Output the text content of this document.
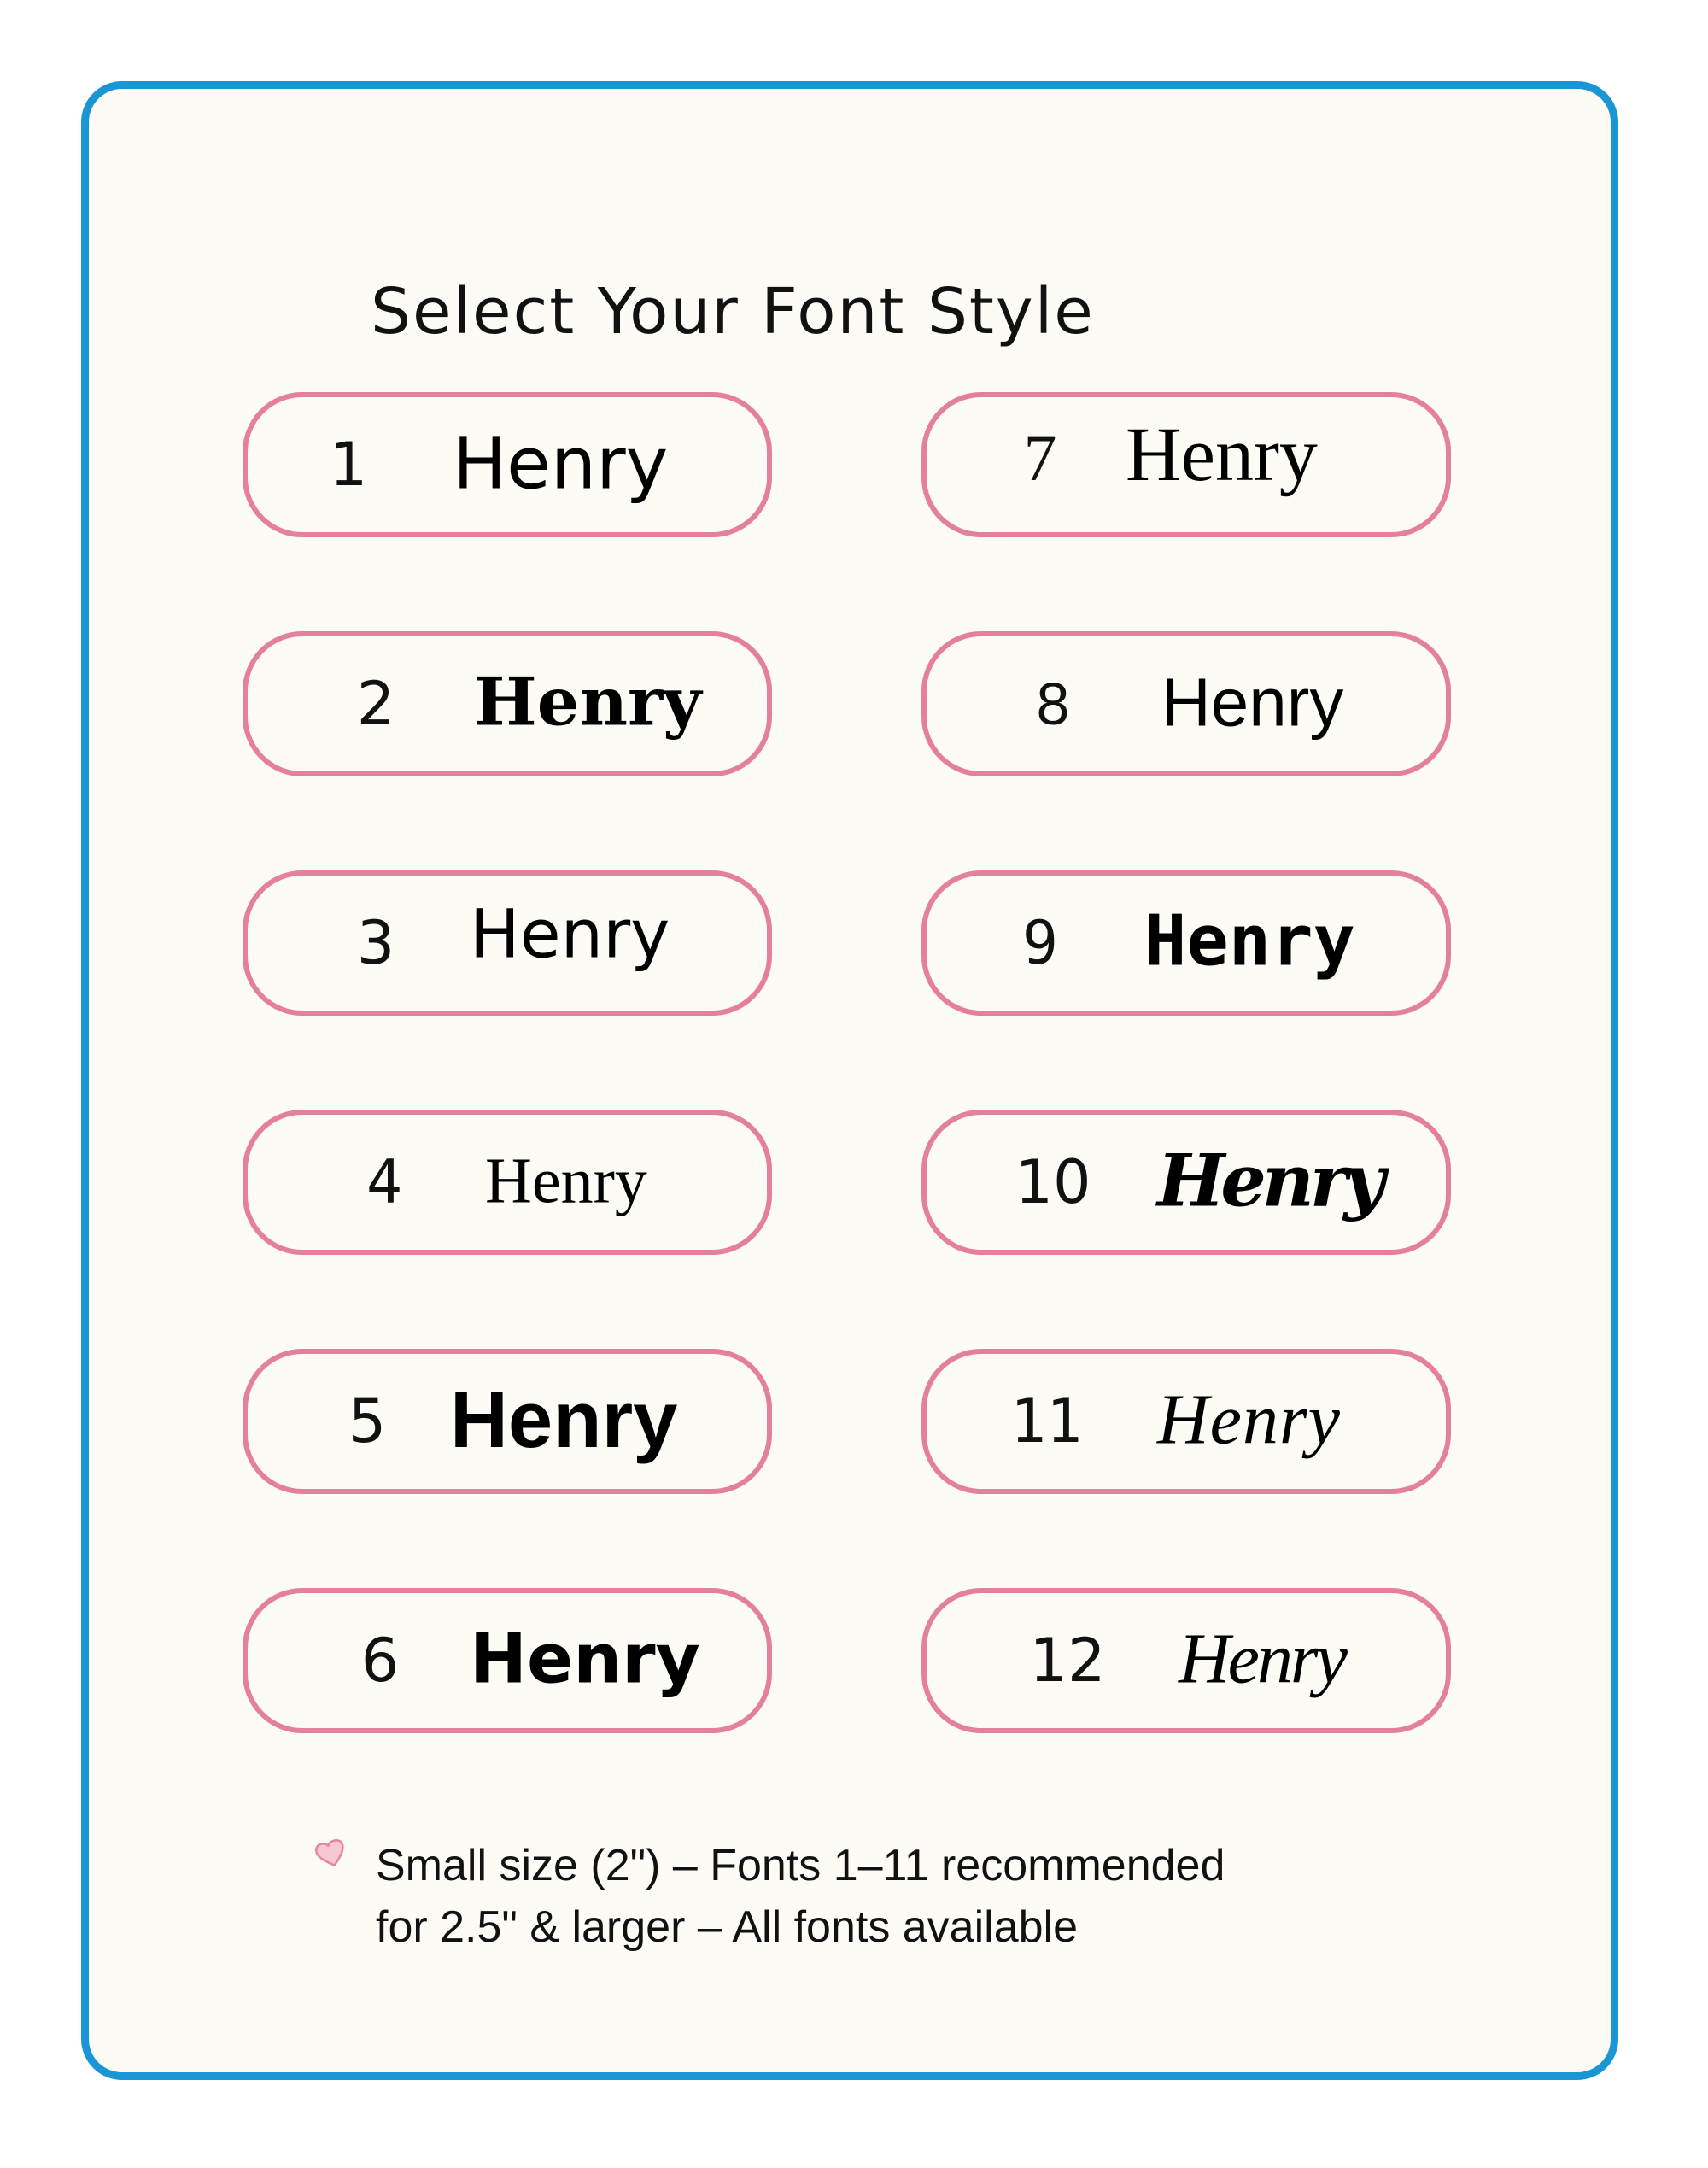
Select Your Font Style
1 Henry
2 Henry
3 Henry
4 Henry
5 Henry
6 Henry
7 Henry
8 Henry
9 Henry
10 Henry
11 Henry
12 Henry
Small size (2") – Fonts 1–11 recommended
for 2.5" & larger – All fonts available
